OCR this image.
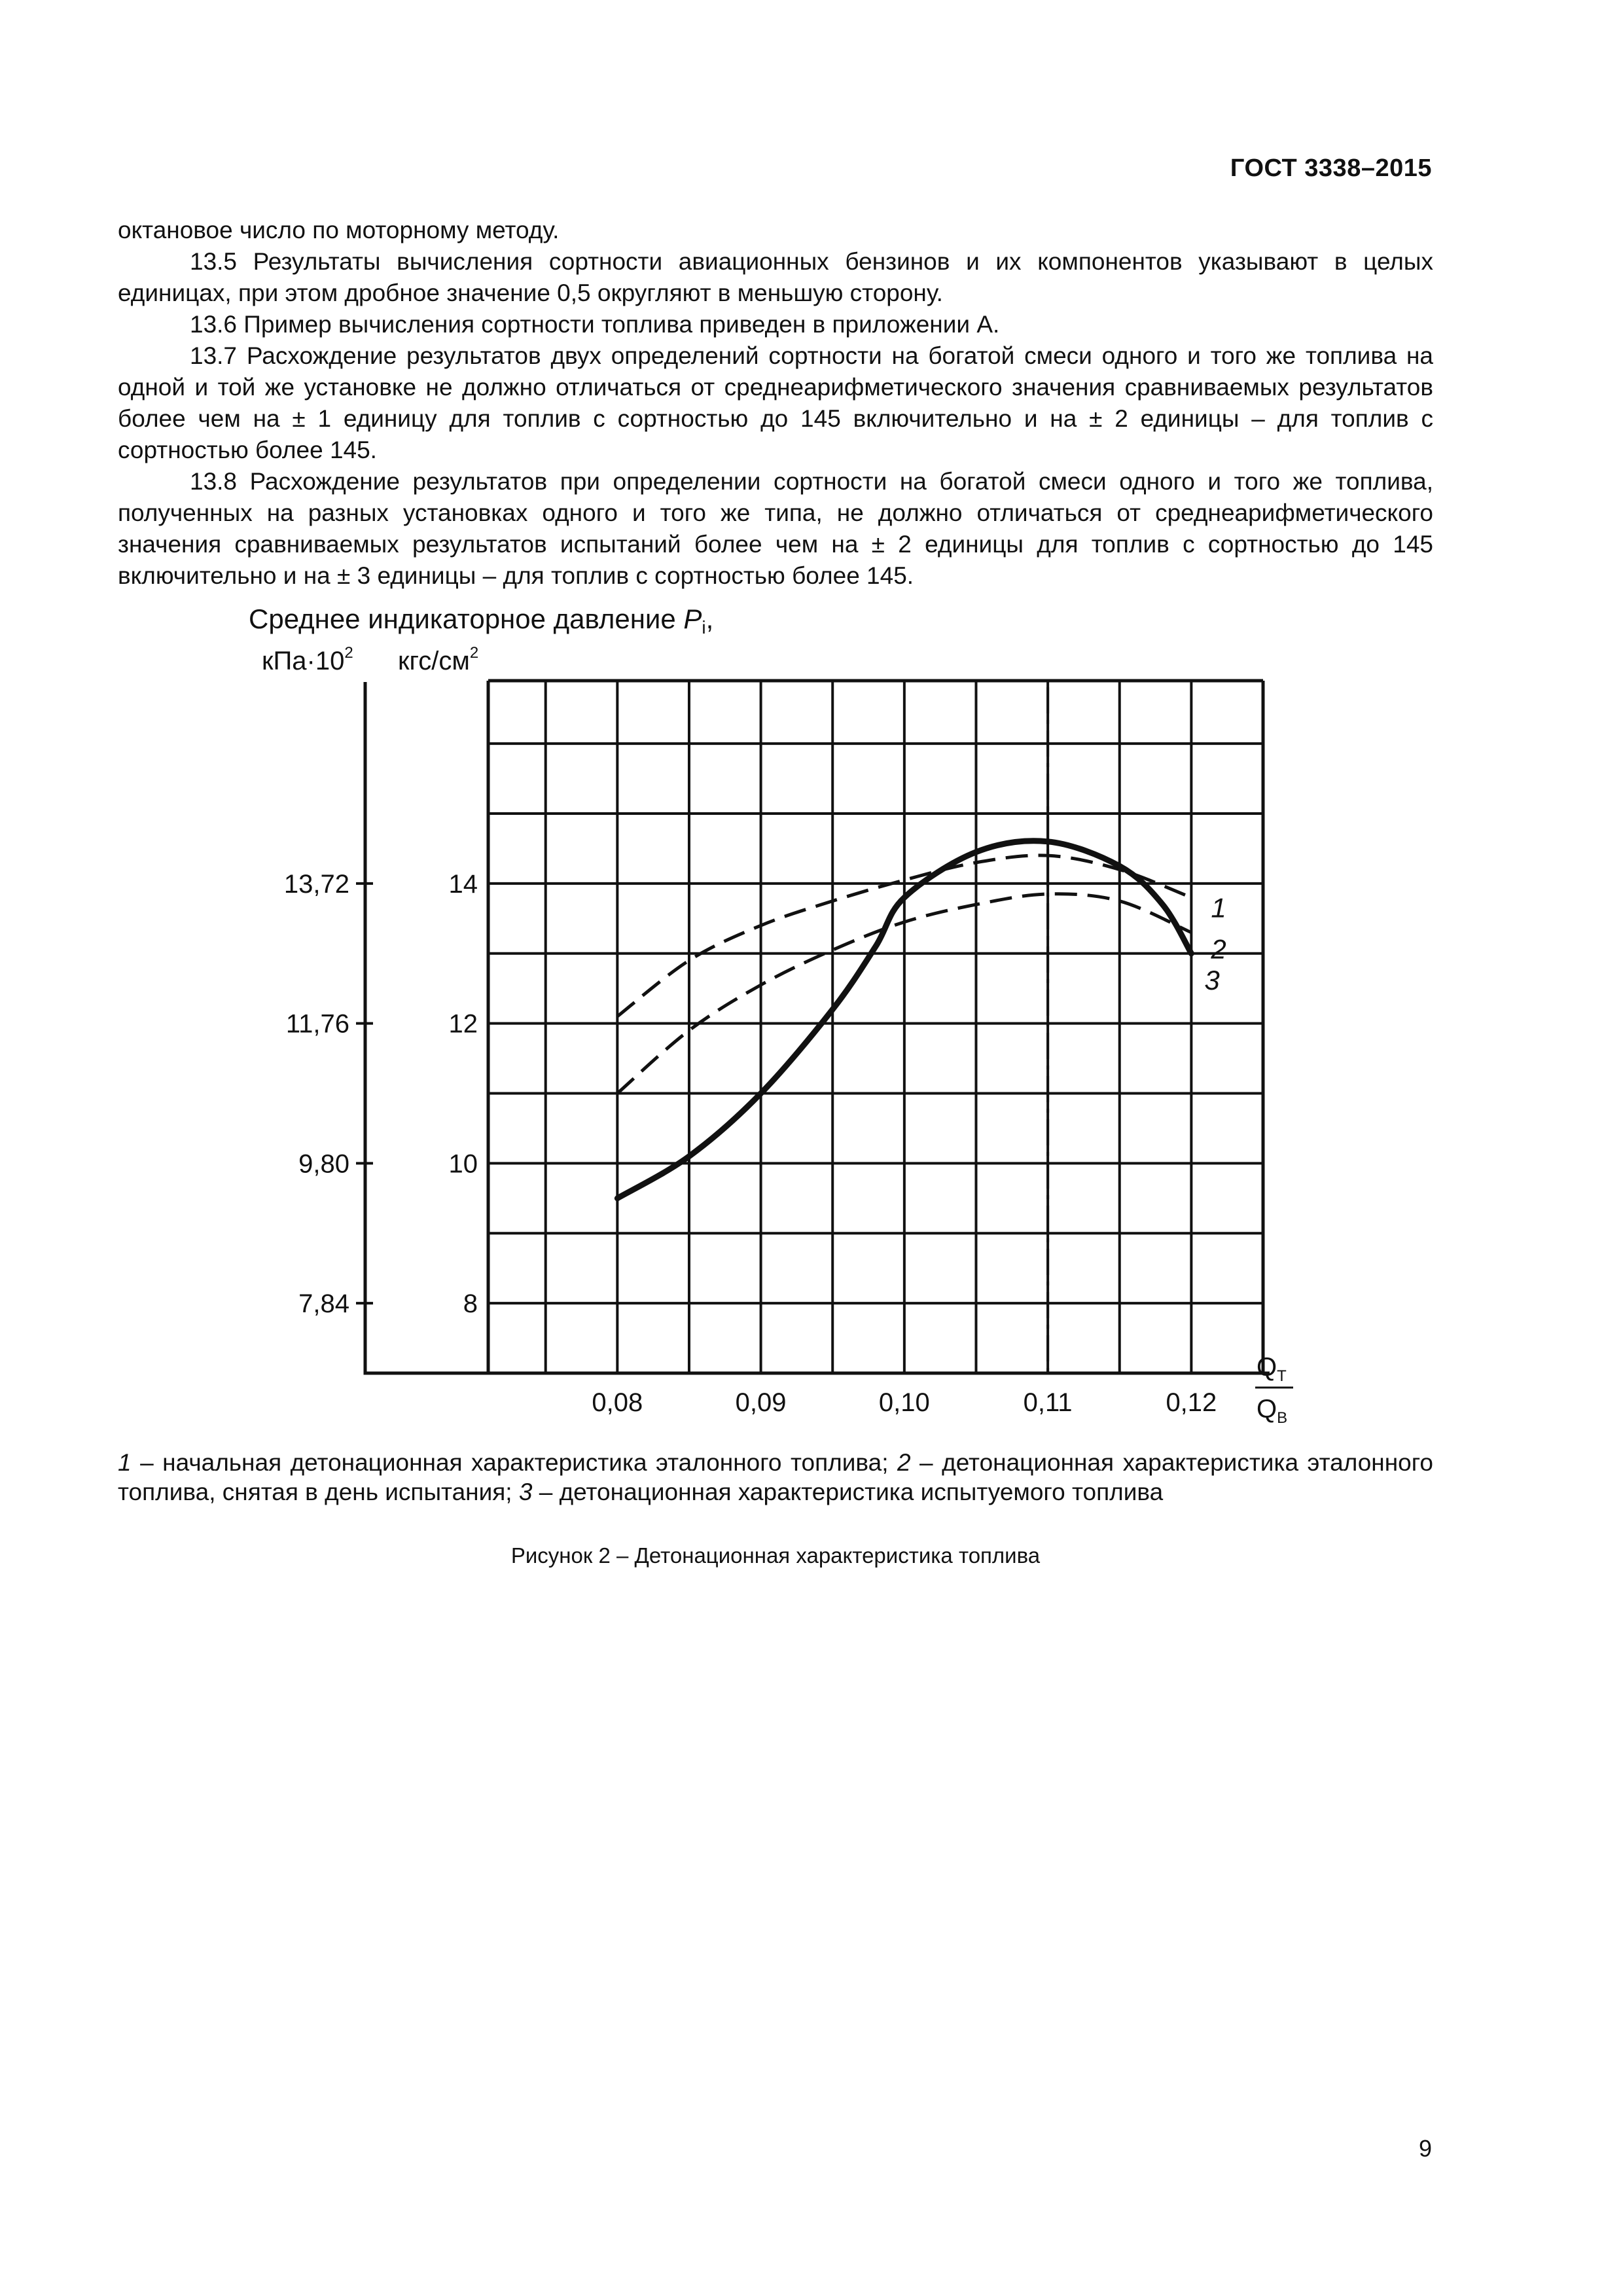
ГОСТ 3338–2015

октановое число по моторному методу.

13.5 Результаты вычисления сортности авиационных бензинов и их компонентов указывают в целых единицах, при этом дробное значение 0,5 округляют в меньшую сторону.

13.6 Пример вычисления сортности топлива приведен в приложении А.

13.7 Расхождение результатов двух определений сортности на богатой смеси одного и того же топлива на одной и той же установке не должно отличаться от среднеарифметического значения сравниваемых результатов более чем на ± 1 единицу для топлив с сортностью до 145 включительно и на ± 2 единицы – для топлив с сортностью более 145.

13.8 Расхождение результатов при определении сортности на богатой смеси одного и того же топлива, полученных на разных установках одного и того же типа, не должно отличаться от среднеарифметического значения сравниваемых результатов испытаний более чем на ± 2 единицы для топлив с сортностью до 145 включительно и на ± 3 единицы – для топлив с сортностью более 145.

Среднее индикаторное давление Pi,
$кПа\cdot 10^2$ кгс/$см^2$
13,72
11,76
9,80
7,84
14
12
10
8
0,08	0,09	0,10	0,11	0,12
$Q_Т$
$Q_В$
1
2
3
1 – начальная детонационная характеристика эталонного топлива; 2 – детонационная характеристика эталонного топлива, снятая в день испытания; 3 – детонационная характеристика испытуемого топлива
Рисунок 2 – Детонационная характеристика топлива
9
